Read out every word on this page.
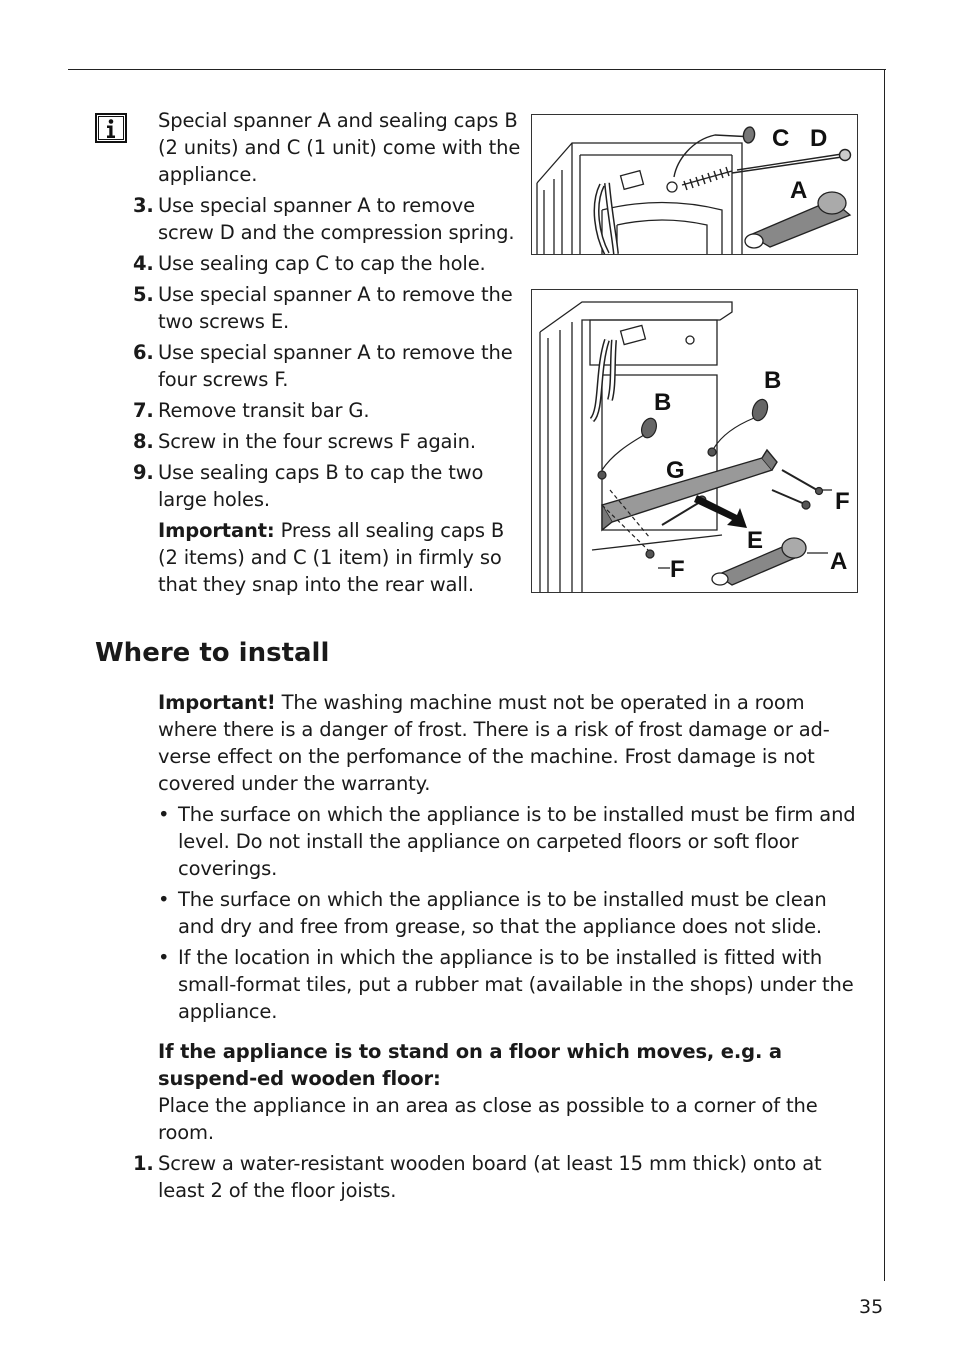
Special spanner A and sealing caps B (2 units) and C (1 unit) come with the appliance.

3. Use special spanner A to remove screw D and the compression spring.
4. Use sealing cap C to cap the hole.
5. Use special spanner A to remove the two screws E.
6. Use special spanner A to remove the four screws F.
7. Remove transit bar G.
8. Screw in the four screws F again.
9. Use sealing caps B to cap the two large holes.

Important: Press all sealing caps B (2 items) and C (1 item) in firmly so that they snap into the rear wall.

C D
A
B
B
G
F
E
A
F
Where to install

Important! The washing machine must not be operated in a room where there is a danger of frost. There is a risk of frost damage or ad-verse effect on the perfomance of the machine. Frost damage is not covered under the warranty.

• The surface on which the appliance is to be installed must be firm and level. Do not install the appliance on carpeted floors or soft floor coverings.
• The surface on which the appliance is to be installed must be clean and dry and free from grease, so that the appliance does not slide.
• If the location in which the appliance is to be installed is fitted with small-format tiles, put a rubber mat (available in the shops) under the appliance.

If the appliance is to stand on a floor which moves, e.g. a suspend-ed wooden floor:

Place the appliance in an area as close as possible to a corner of the room.

1. Screw a water-resistant wooden board (at least 15 mm thick) onto at least 2 of the floor joists.
35
